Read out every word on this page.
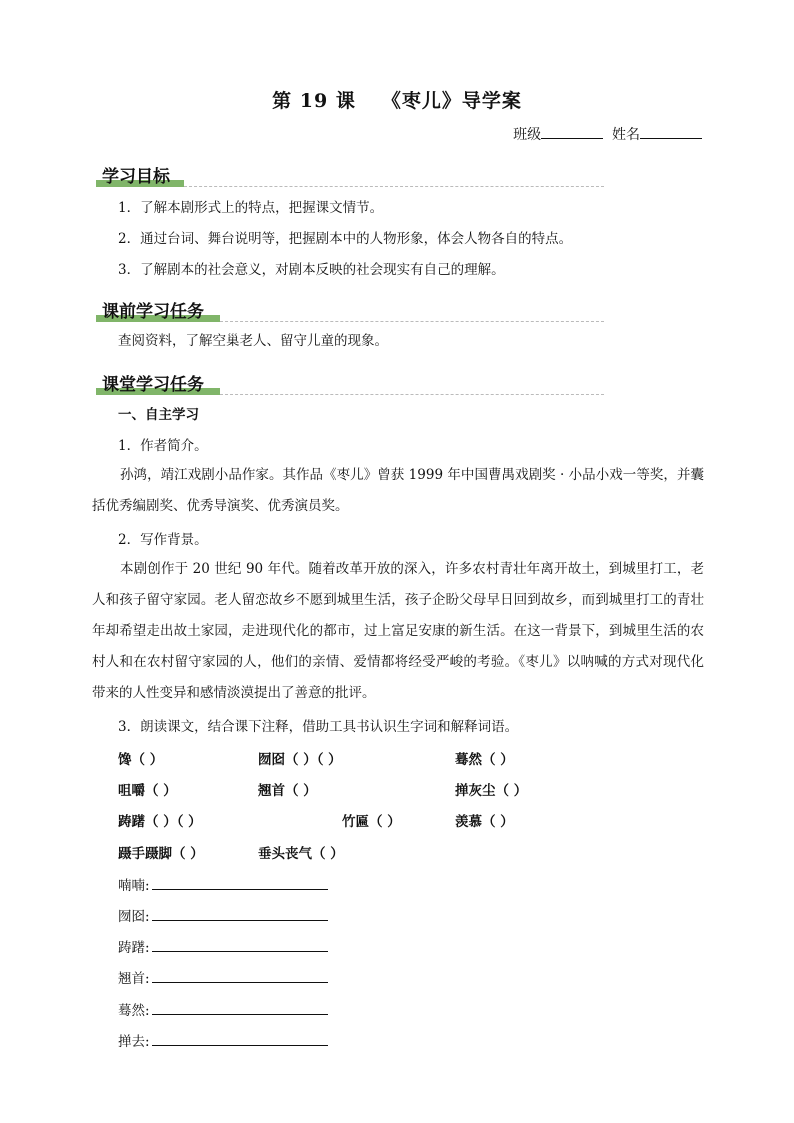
第 19 课 《枣儿》导学案
班级	姓名
学习目标
1．了解本剧形式上的特点，把握课文情节。
2．通过台词、舞台说明等，把握剧本中的人物形象，体会人物各自的特点。
3．了解剧本的社会意义，对剧本反映的社会现实有自己的理解。
课前学习任务
查阅资料，了解空巢老人、留守儿童的现象。
课堂学习任务
一、自主学习
1．作者简介。
孙鸿，靖江戏剧小品作家。其作品《枣儿》曾获 1999 年中国曹禺戏剧奖 · 小品小戏一等奖，并囊括优秀编剧奖、优秀导演奖、优秀演员奖。
2．写作背景。
本剧创作于 20 世纪 90 年代。随着改革开放的深入，许多农村青壮年离开故土，到城里打工，老人和孩子留守家园。老人留恋故乡不愿到城里生活，孩子企盼父母早日回到故乡，而到城里打工的青壮年却希望走出故土家园，走进现代化的都市，过上富足安康的新生活。在这一背景下，到城里生活的农村人和在农村留守家园的人，他们的亲情、爱情都将经受严峻的考验。《枣儿》以呐喊的方式对现代化带来的人性变异和感情淡漠提出了善意的批评。
3．朗读课文，结合课下注释，借助工具书认识生字词和解释词语。
馋（ ）	囫囵（ ）（ ）	蓦然（ ）
咀嚼（ ）	翘首（ ）	掸灰尘（ ）
踌躇（ ）（ ）	竹匾（ ）	羡慕（ ）
蹑手蹑脚（ ）	垂头丧气（ ）
喃喃:
囫囵:
踌躇:
翘首:
蓦然:
掸去:
